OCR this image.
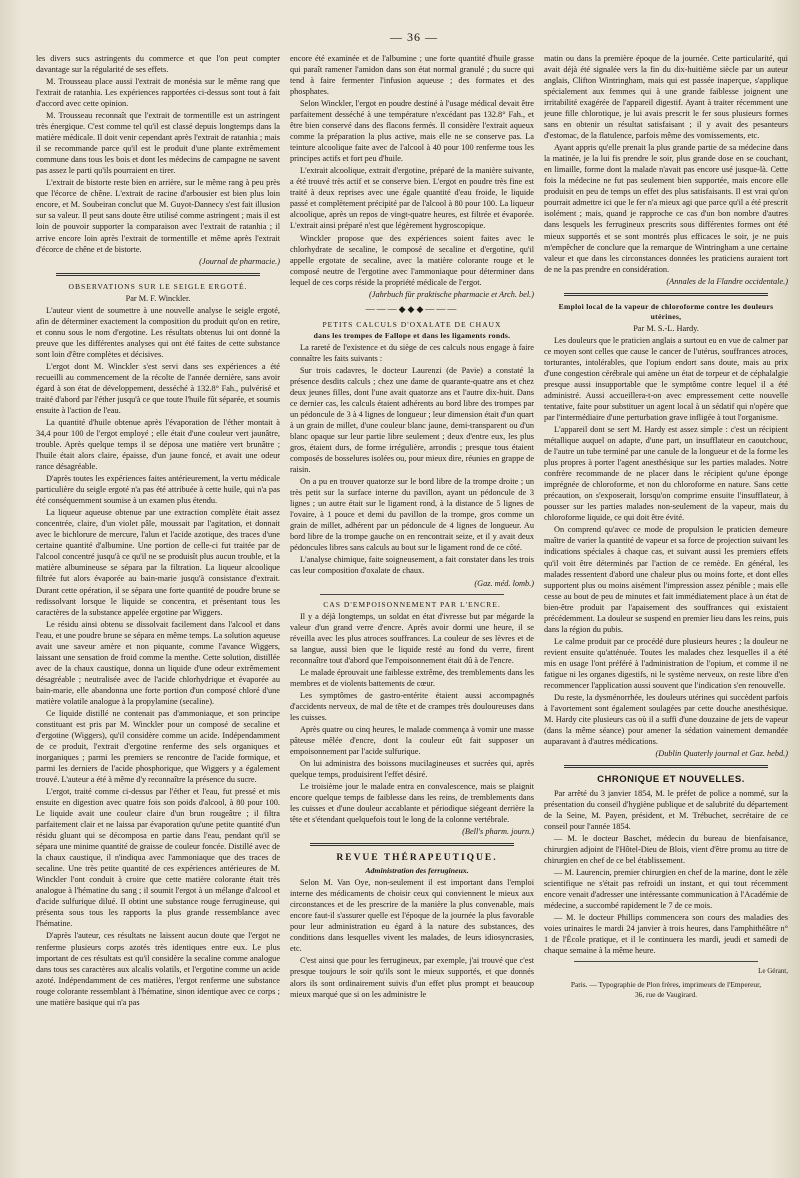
— 36 —

les divers sucs astringents du commerce et que l'on peut compter davantage sur la régularité de ses effets.

M. Trousseau place aussi l'extrait de monésia sur le même rang que l'extrait de ratanhia. Les expériences rapportées ci-dessus sont tout à fait d'accord avec cette opinion.

M. Trousseau reconnaît que l'extrait de tormentille est un astringent très énergique. C'est comme tel qu'il est classé depuis longtemps dans la matière médicale. Il doit venir cependant après l'extrait de ratanhia ; mais il se recommande parce qu'il est le produit d'une plante extrêmement commune dans tous les bois et dont les médecins de campagne ne savent pas assez le parti qu'ils pourraient en tirer.

L'extrait de bistorte reste bien en arrière, sur le même rang à peu près que l'écorce de chêne. L'extrait de racine d'arbousier est bien plus loin encore, et M. Soubeiran conclut que M. Guyot-Dannecy s'est fait illusion sur sa valeur. Il peut sans doute être utilisé comme astringent ; mais il est loin de pouvoir supporter la comparaison avec l'extrait de ratanhia ; il arrive encore loin après l'extrait de tormentille et même après l'extrait d'écorce de chêne et de bistorte.

(Journal de pharmacie.)

OBSERVATIONS SUR LE SEIGLE ERGOTÉ.

Par M. F. Winckler.

L'auteur vient de soumettre à une nouvelle analyse le seigle ergoté, afin de déterminer exactement la composition du produit qu'on en retire, et connu sous le nom d'ergotine. Les résultats obtenus lui ont donné la preuve que les différentes analyses qui ont été faites de cette substance sont loin d'être complètes et décisives.

L'ergot dont M. Winckler s'est servi dans ses expériences a été recueilli au commencement de la récolte de l'année dernière, sans avoir égard à son état de développement, desséché à 132.8° Fah., pulvérisé et traité d'abord par l'éther jusqu'à ce que toute l'huile fût séparée, et soumis ensuite à l'action de l'eau.

La quantité d'huile obtenue après l'évaporation de l'éther montait à 34,4 pour 100 de l'ergot employé ; elle était d'une couleur vert jaunâtre, trouble. Après quelque temps il se déposa une matière vert brunâtre ; l'huile était alors claire, épaisse, d'un jaune foncé, et avait une odeur rance désagréable.

D'après toutes les expériences faites antérieurement, la vertu médicale particulière du seigle ergoté n'a pas été attribuée à cette huile, qui n'a pas été conséquemment soumise à un examen plus étendu.

La liqueur aqueuse obtenue par une extraction complète était assez concentrée, claire, d'un violet pâle, moussait par l'agitation, et donnait avec le bichlorure de mercure, l'alun et l'acide azotique, des traces d'une certaine quantité d'albumine. Une portion de celle-ci fut traitée par de l'alcool concentré jusqu'à ce qu'il ne se produisît plus aucun trouble, et la matière albumineuse se sépara par la filtration. La liqueur alcoolique filtrée fut alors évaporée au bain-marie jusqu'à consistance d'extrait. Durant cette opération, il se sépara une forte quantité de poudre brune se redissolvant lorsque le liquide se concentra, et présentant tous les caractères de la substance appelée ergotine par Wiggers.

Le résidu ainsi obtenu se dissolvait facilement dans l'alcool et dans l'eau, et une poudre brune se sépara en même temps. La solution aqueuse avait une saveur amère et non piquante, comme l'avance Wiggers, laissant une sensation de froid comme la menthe. Cette solution, distillée avec de la chaux caustique, donna un liquide d'une odeur extrêmement désagréable ; neutralisée avec de l'acide chlorhydrique et évaporée au bain-marie, elle abandonna une forte portion d'un composé chloré d'une matière volatile analogue à la propylamine (secaline).

Ce liquide distillé ne contenait pas d'ammoniaque, et son principe constituant est pris par M. Winckler pour un composé de secaline et d'ergotine (Wiggers), qu'il considère comme un acide. Indépendamment de ce produit, l'extrait d'ergotine renferme des sels organiques et inorganiques ; parmi les premiers se rencontre de l'acide formique, et parmi les derniers de l'acide phosphorique, que Wiggers y a également trouvé. L'auteur a été à même d'y reconnaître la présence du sucre.

L'ergot, traité comme ci-dessus par l'éther et l'eau, fut pressé et mis ensuite en digestion avec quatre fois son poids d'alcool, à 80 pour 100. Le liquide avait une couleur claire d'un brun rougeâtre ; il filtra parfaitement clair et ne laissa par évaporation qu'une petite quantité d'un résidu gluant qui se décomposa en partie dans l'eau, pendant qu'il se sépara une minime quantité de graisse de couleur foncée. Distillé avec de la chaux caustique, il n'indiqua avec l'ammoniaque que des traces de secaline. Une très petite quantité de ces expériences antérieures de M. Winckler l'ont conduit à croire que cette matière colorante était très analogue à l'hématine du sang ; il soumit l'ergot à un mélange d'alcool et d'acide sulfurique dilué. Il obtint une substance rouge ferrugineuse, qui présenta sous tous les rapports la plus grande ressemblance avec l'hématine.

D'après l'auteur, ces résultats ne laissent aucun doute que l'ergot ne renferme plusieurs corps azotés très identiques entre eux. Le plus important de ces résultats est qu'il considère la secaline comme analogue dans tous ses caractères aux alcalis volatils, et l'ergotine comme un acide azoté. Indépendamment de ces matières, l'ergot renferme une substance rouge colorante ressemblant à l'hématine, sinon identique avec ce corps ; une matière basique qui n'a pas

encore été examinée et de l'albumine ; une forte quantité d'huile grasse qui paraît ramener l'amidon dans son état normal granulé ; du sucre qui tend à faire fermenter l'infusion aqueuse ; des formates et des phosphates.

Selon Winckler, l'ergot en poudre destiné à l'usage médical devait être parfaitement desséché à une température n'excédant pas 132.8° Fah., et être bien conservé dans des flacons fermés. Il considère l'extrait aqueux comme la préparation la plus active, mais elle ne se conserve pas. La teinture alcoolique faite avec de l'alcool à 40 pour 100 renferme tous les principes actifs et fort peu d'huile.

L'extrait alcoolique, extrait d'ergotine, préparé de la manière suivante, a été trouvé très actif et se conserve bien. L'ergot en poudre très fine est traité à deux reprises avec une égale quantité d'eau froide, le liquide passé et complètement précipité par de l'alcool à 80 pour 100. La liqueur alcoolique, après un repos de vingt-quatre heures, est filtrée et évaporée. L'extrait ainsi préparé n'est que légèrement hygroscopique.

Winckler propose que des expériences soient faites avec le chlorhydrate de secaline, le composé de secaline et d'ergotine, qu'il appelle ergotate de secaline, avec la matière colorante rouge et le composé neutre de l'ergotine avec l'ammoniaque pour déterminer dans lequel de ces corps réside la propriété médicale de l'ergot.

(Jahrbuch für praktische pharmacie et Arch. bel.)

———◆◆◆———

PETITS CALCULS D'OXALATE DE CHAUX

dans les trompes de Fallope et dans les ligaments ronds.

La rareté de l'existence et du siège de ces calculs nous engage à faire connaître les faits suivants :

Sur trois cadavres, le docteur Laurenzi (de Pavie) a constaté la présence desdits calculs ; chez une dame de quarante-quatre ans et chez deux jeunes filles, dont l'une avait quatorze ans et l'autre dix-huit. Dans ce dernier cas, les calculs étaient adhérents au bord libre des trompes par un pédoncule de 3 à 4 lignes de longueur ; leur dimension était d'un quart à un grain de millet, d'une couleur blanc jaune, demi-transparent ou d'un blanc opaque sur leur partie libre seulement ; deux d'entre eux, les plus gros, étaient durs, de forme irrégulière, arrondis ; presque tous étaient composés de bosselures isolées ou, pour mieux dire, réunies en grappe de raisin.

On a pu en trouver quatorze sur le bord libre de la trompe droite ; un très petit sur la surface interne du pavillon, ayant un pédoncule de 3 lignes ; un autre était sur le ligament rond, à la distance de 5 lignes de l'ovaire, à 1 pouce et demi du pavillon de la trompe, gros comme un grain de millet, adhérent par un pédoncule de 4 lignes de longueur. Au bord libre de la trompe gauche on en rencontrait seize, et il y avait deux pédoncules libres sans calculs au bout sur le ligament rond de ce côté.

L'analyse chimique, faite soigneusement, a fait constater dans les trois cas leur composition d'oxalate de chaux.

(Gaz. méd. lomb.)

CAS D'EMPOISONNEMENT PAR L'ENCRE.

Il y a déjà longtemps, un soldat en état d'ivresse but par mégarde la valeur d'un grand verre d'encre. Après avoir dormi une heure, il se réveilla avec les plus atroces souffrances. La couleur de ses lèvres et de sa langue, aussi bien que le liquide resté au fond du verre, firent reconnaître tout d'abord que l'empoisonnement était dû à de l'encre.

Le malade éprouvait une faiblesse extrême, des tremblements dans les membres et de violents battements de cœur.

Les symptômes de gastro-entérite étaient aussi accompagnés d'accidents nerveux, de mal de tête et de crampes très douloureuses dans les cuisses.

Après quatre ou cinq heures, le malade commença à vomir une masse pâteuse mêlée d'encre, dont la couleur eût fait supposer un empoisonnement par l'acide sulfurique.

On lui administra des boissons mucilagineuses et sucrées qui, après quelque temps, produisirent l'effet désiré.

Le troisième jour le malade entra en convalescence, mais se plaignit encore quelque temps de faiblesse dans les reins, de tremblements dans les cuisses et d'une douleur accablante et périodique siégeant derrière la tête et s'étendant quelquefois tout le long de la colonne vertébrale.

(Bell's pharm. journ.)

REVUE THÉRAPEUTIQUE.

Administration des ferrugineux.

Selon M. Van Oye, non-seulement il est important dans l'emploi interne des médicaments de choisir ceux qui conviennent le mieux aux circonstances et de les prescrire de la manière la plus convenable, mais encore faut-il s'assurer quelle est l'époque de la journée la plus favorable pour leur administration eu égard à la nature des substances, des conditions dans lesquelles vivent les malades, de leurs idiosyncrasies, etc.

C'est ainsi que pour les ferrugineux, par exemple, j'ai trouvé que c'est presque toujours le soir qu'ils sont le mieux supportés, et que donnés alors ils sont ordinairement suivis d'un effet plus prompt et beaucoup mieux marqué que si on les administre le

matin ou dans la première époque de la journée. Cette particularité, qui avait déjà été signalée vers la fin du dix-huitième siècle par un auteur anglais, Clifton Wintringham, mais qui est passée inaperçue, s'applique spécialement aux femmes qui à une grande faiblesse joignent une irritabilité exagérée de l'appareil digestif. Ayant à traiter récemment une jeune fille chlorotique, je lui avais prescrit le fer sous plusieurs formes sans en obtenir un résultat satisfaisant ; il y avait des pesanteurs d'estomac, de la flatulence, parfois même des vomissements, etc.

Ayant appris qu'elle prenait la plus grande partie de sa médecine dans la matinée, je la lui fis prendre le soir, plus grande dose en se couchant, en limaille, forme dont la malade n'avait pas encore usé jusque-là. Cette fois la médecine ne fut pas seulement bien supportée, mais encore elle produisit en peu de temps un effet des plus satisfaisants. Il est vrai qu'on pourrait admettre ici que le fer n'a mieux agi que parce qu'il a été prescrit isolément ; mais, quand je rapproche ce cas d'un bon nombre d'autres dans lesquels les ferrugineux prescrits sous différentes formes ont été mieux supportés et se sont montrés plus efficaces le soir, je ne puis m'empêcher de conclure que la remarque de Wintringham a une certaine valeur et que dans les circonstances données les praticiens auraient tort de ne la pas prendre en considération.

(Annales de la Flandre occidentale.)

Emploi local de la vapeur de chloroforme contre les douleurs utérines,

Par M. S.-L. Hardy.

Les douleurs que le praticien anglais a surtout eu en vue de calmer par ce moyen sont celles que cause le cancer de l'utérus, souffrances atroces, torturantes, intolérables, que l'opium endort sans doute, mais au prix d'une congestion cérébrale qui amène un état de torpeur et de céphalalgie presque aussi insupportable que le symptôme contre lequel il a été administré. Aussi accueillera-t-on avec empressement cette nouvelle tentative, faite pour substituer un agent local à un sédatif qui n'opère que par l'intermédiaire d'une perturbation grave infligée à tout l'organisme.

L'appareil dont se sert M. Hardy est assez simple : c'est un récipient métallique auquel on adapte, d'une part, un insufflateur en caoutchouc, de l'autre un tube terminé par une canule de la longueur et de la forme les plus propres à porter l'agent anesthésique sur les parties malades. Notre confrère recommande de ne placer dans le récipient qu'une éponge imprégnée de chloroforme, et non du chloroforme en nature. Sans cette précaution, on s'exposerait, lorsqu'on comprime ensuite l'insufflateur, à pousser sur les parties malades non-seulement de la vapeur, mais du chloroforme liquide, ce qui doit être évité.

On comprend qu'avec ce mode de propulsion le praticien demeure maître de varier la quantité de vapeur et sa force de projection suivant les indications spéciales à chaque cas, et suivant aussi les premiers effets qu'il voit être déterminés par l'action de ce remède. En général, les malades ressentent d'abord une chaleur plus ou moins forte, et dont elles supportent plus ou moins aisément l'impression assez pénible ; mais elle cesse au bout de peu de minutes et fait immédiatement place à un état de bien-être produit par l'apaisement des souffrances qui existaient précédemment. La douleur se suspend en premier lieu dans les reins, puis dans la région du pubis.

Le calme produit par ce procédé dure plusieurs heures ; la douleur ne revient ensuite qu'atténuée. Toutes les malades chez lesquelles il a été mis en usage l'ont préféré à l'administration de l'opium, et comme il ne fatigue ni les organes digestifs, ni le système nerveux, on reste libre d'en recommencer l'application aussi souvent que l'indication s'en renouvelle.

Du reste, la dysménorrhée, les douleurs utérines qui succèdent parfois à l'avortement sont également soulagées par cette douche anesthésique. M. Hardy cite plusieurs cas où il a suffi d'une douzaine de jets de vapeur (dans la même séance) pour amener la sédation vainement demandée auparavant à d'autres médications.

(Dublin Quaterly journal et Gaz. hebd.)

CHRONIQUE ET NOUVELLES.

Par arrêté du 3 janvier 1854, M. le préfet de police a nommé, sur la présentation du conseil d'hygiène publique et de salubrité du département de la Seine, M. Payen, président, et M. Trébuchet, secrétaire de ce conseil pour l'année 1854.

— M. le docteur Baschet, médecin du bureau de bienfaisance, chirurgien adjoint de l'Hôtel-Dieu de Blois, vient d'être promu au titre de chirurgien en chef de ce bel établissement.

— M. Laurencin, premier chirurgien en chef de la marine, dont le zèle scientifique ne s'était pas refroidi un instant, et qui tout récemment encore venait d'adresser une intéressante communication à l'Académie de médecine, a succombé rapidement le 7 de ce mois.

— M. le docteur Phillips commencera son cours des maladies des voies urinaires le mardi 24 janvier à trois heures, dans l'amphithéâtre n° 1 de l'École pratique, et il le continuera les mardi, jeudi et samedi de chaque semaine à la même heure.

Le Gérant,
Paris. — Typographie de Plon frères, imprimeurs de l'Empereur,
36, rue de Vaugirard.
